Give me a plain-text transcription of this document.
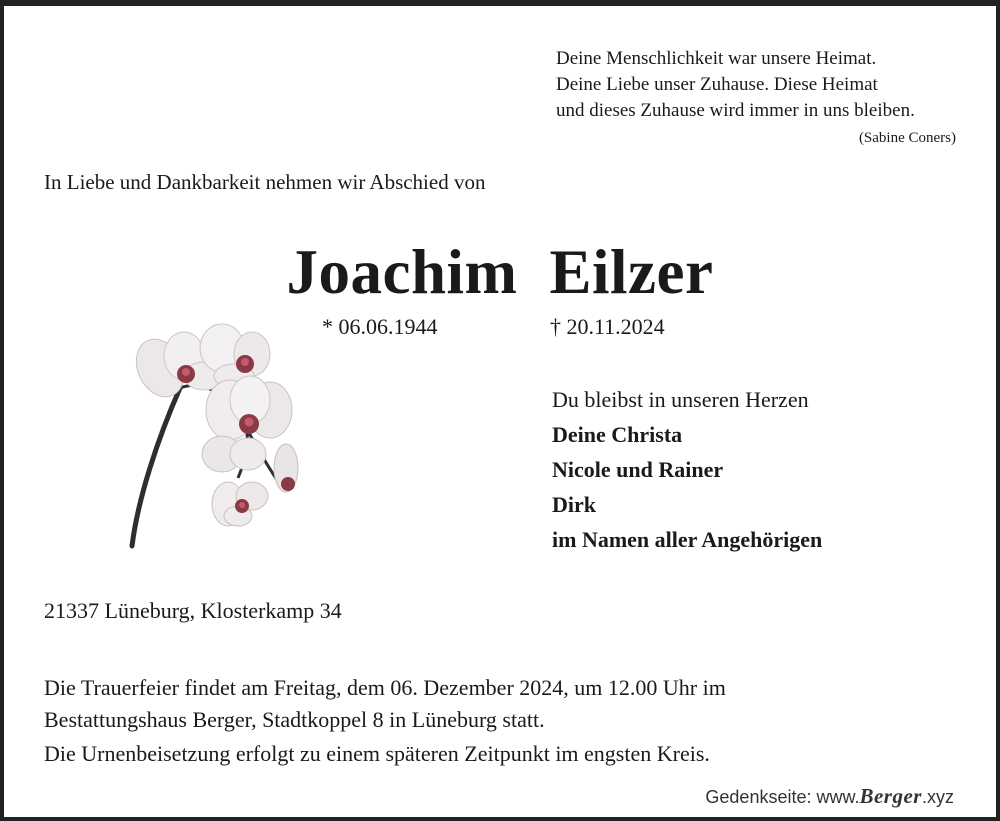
Deine Menschlichkeit war unsere Heimat.
Deine Liebe unser Zuhause. Diese Heimat
und dieses Zuhause wird immer in uns bleiben.
(Sabine Coners)
In Liebe und Dankbarkeit nehmen wir Abschied von
Joachim Eilzer
* 06.06.1944	† 20.11.2024
Du bleibst in unseren Herzen
Deine Christa
Nicole und Rainer
Dirk
im Namen aller Angehörigen
21337 Lüneburg, Klosterkamp 34
Die Trauerfeier findet am Freitag, dem 06. Dezember 2024, um 12.00 Uhr im
Bestattungshaus Berger, Stadtkoppel 8 in Lüneburg statt.
Die Urnenbeisetzung erfolgt zu einem späteren Zeitpunkt im engsten Kreis.
Gedenkseite: www.Berger.xyz
